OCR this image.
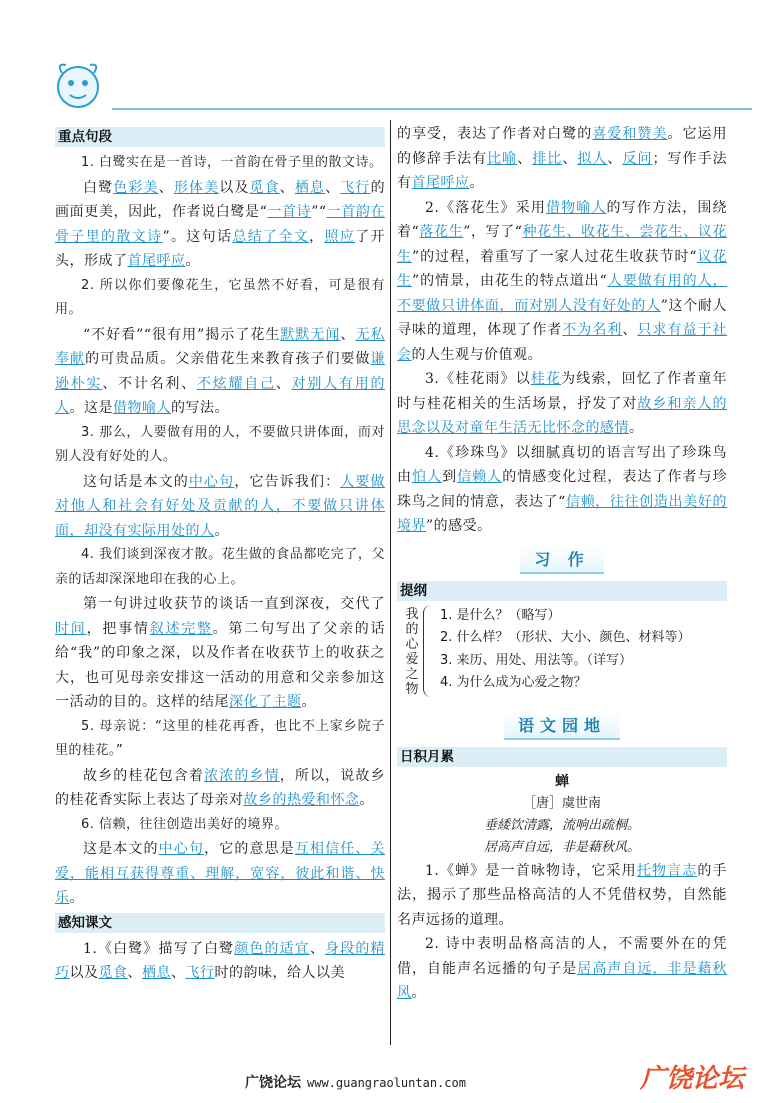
重点句段

1. 白鹭实在是一首诗，一首韵在骨子里的散文诗。

白鹭色彩美、形体美以及觅食、栖息、飞行的画面更美，因此，作者说白鹭是“一首诗”“一首韵在骨子里的散文诗”。这句话总结了全文，照应了开头，形成了首尾呼应。

2. 所以你们要像花生，它虽然不好看，可是很有用。

“不好看”“很有用”揭示了花生默默无闻、无私奉献的可贵品质。父亲借花生来教育孩子们要做谦逊朴实、不计名利、不炫耀自己、对别人有用的人。这是借物喻人的写法。

3. 那么，人要做有用的人，不要做只讲体面，而对别人没有好处的人。

这句话是本文的中心句，它告诉我们：人要做对他人和社会有好处及贡献的人，不要做只讲体面，却没有实际用处的人。

4. 我们谈到深夜才散。花生做的食品都吃完了，父亲的话却深深地印在我的心上。

第一句讲过收获节的谈话一直到深夜，交代了时间，把事情叙述完整。第二句写出了父亲的话给“我”的印象之深，以及作者在收获节上的收获之大，也可见母亲安排这一活动的用意和父亲参加这一活动的目的。这样的结尾深化了主题。

5. 母亲说：“这里的桂花再香，也比不上家乡院子里的桂花。”

故乡的桂花包含着浓浓的乡情，所以，说故乡的桂花香实际上表达了母亲对故乡的热爱和怀念。

6. 信赖，往往创造出美好的境界。

这是本文的中心句，它的意思是互相信任、关爱，能相互获得尊重、理解，宽容，彼此和谐、快乐。

感知课文

1.《白鹭》描写了白鹭颜色的适宜、身段的精巧以及觅食、栖息、飞行时的韵味，给人以美

的享受，表达了作者对白鹭的喜爱和赞美。它运用的修辞手法有比喻、排比、拟人、反问；写作手法有首尾呼应。

2.《落花生》采用借物喻人的写作方法，围绕着“落花生”，写了“种花生、收花生、尝花生、议花生”的过程，着重写了一家人过花生收获节时“议花生”的情景，由花生的特点道出“人要做有用的人，不要做只讲体面，而对别人没有好处的人”这个耐人寻味的道理，体现了作者不为名利、只求有益于社会的人生观与价值观。

3.《桂花雨》以桂花为线索，回忆了作者童年时与桂花相关的生活场景，抒发了对故乡和亲人的思念以及对童年生活无比怀念的感情。

4.《珍珠鸟》以细腻真切的语言写出了珍珠鸟由怕人到信赖人的情感变化过程，表达了作者与珍珠鸟之间的情意，表达了“信赖，往往创造出美好的境界”的感受。

习 作
提纲
我的心爱之物
1. 是什么？（略写）
2. 什么样？（形状、大小、颜色、材料等）
3. 来历、用处、用法等。（详写）
4. 为什么成为心爱之物？
语文园地
日积月累
蝉
［唐］虞世南
垂緌饮清露，流响出疏桐。
居高声自远，非是藉秋风。

1.《蝉》是一首咏物诗，它采用托物言志的手法，揭示了那些品格高洁的人不凭借权势，自然能名声远扬的道理。

2. 诗中表明品格高洁的人，不需要外在的凭借，自能声名远播的句子是居高声自远，非是藉秋风。

广饶论坛 www.guangraoluntan.com	广饶论坛
